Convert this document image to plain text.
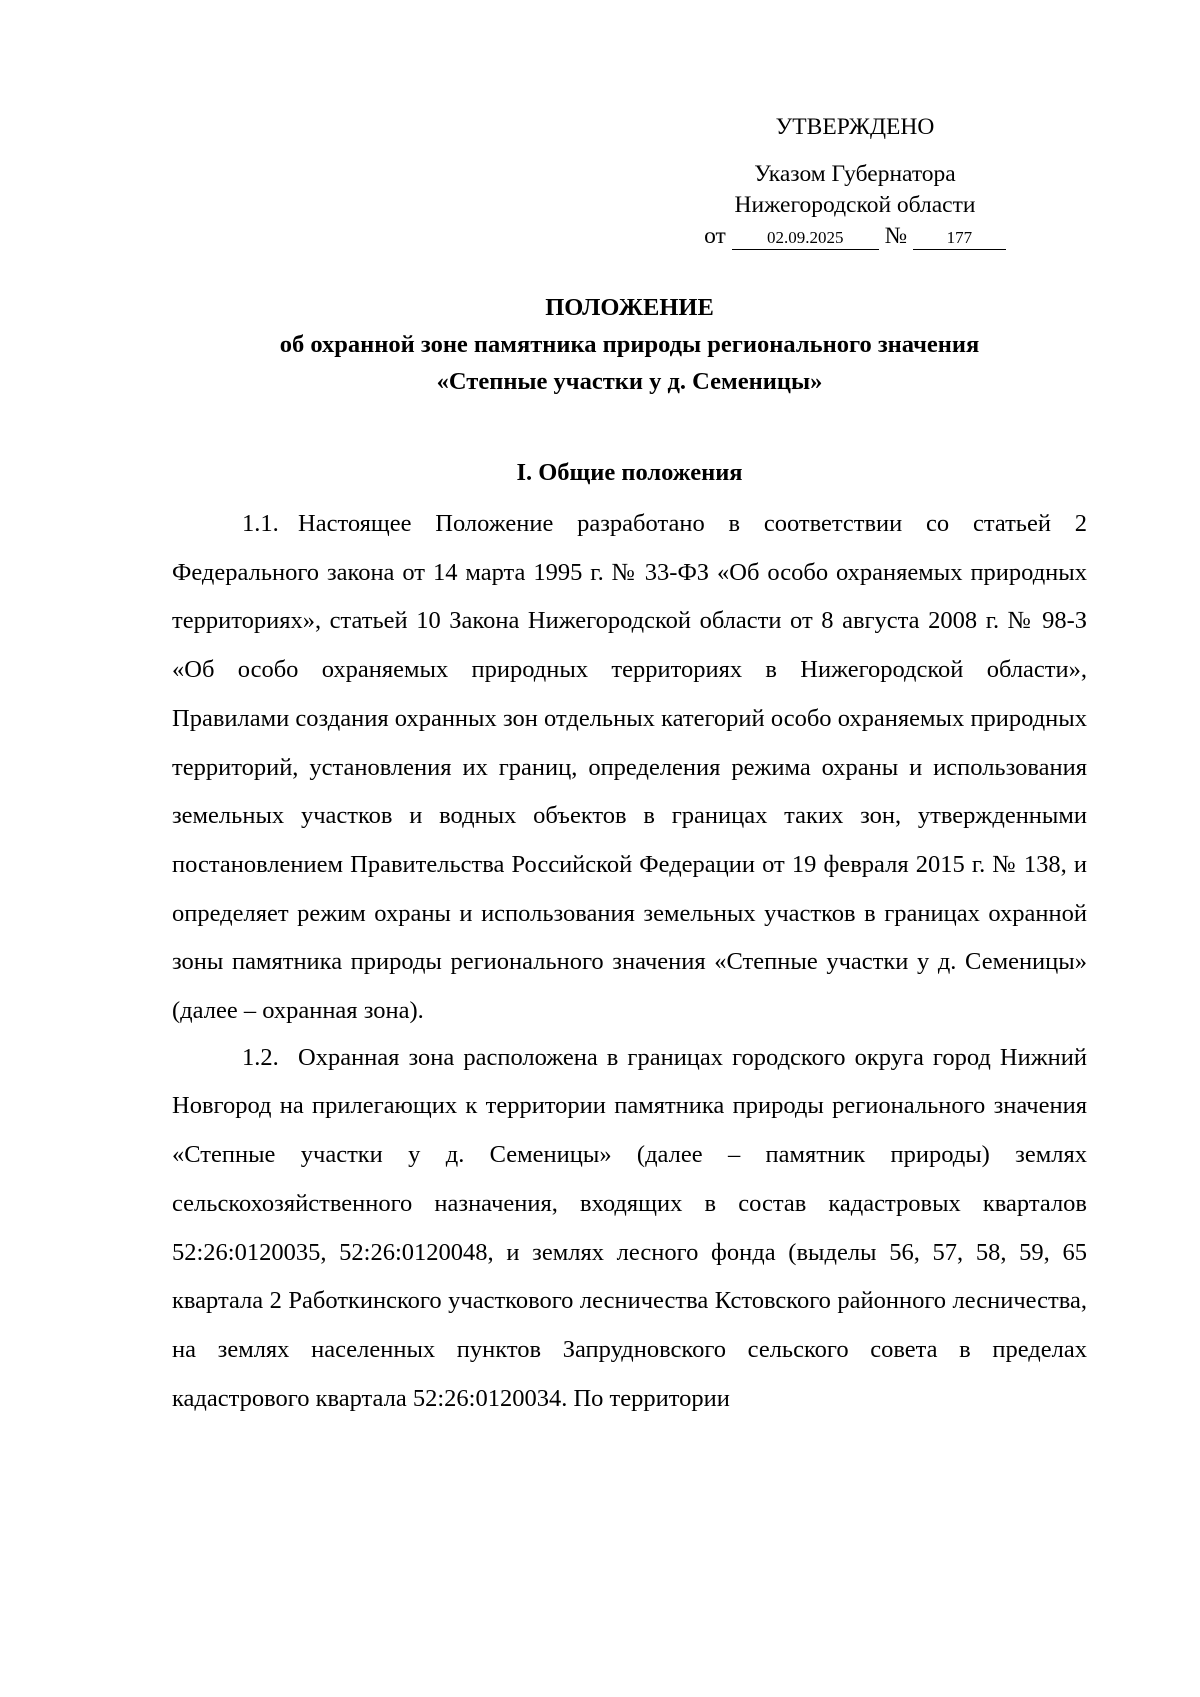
УТВЕРЖДЕНО
Указом Губернатора
Нижегородской области
от 02.09.2025 № 177
ПОЛОЖЕНИЕ
об охранной зоне памятника природы регионального значения
«Степные участки у д. Семеницы»
I. Общие положения

1.1. Настоящее Положение разработано в соответствии со статьей 2 Федерального закона от 14 марта 1995 г. № 33-ФЗ «Об особо охраняемых природных территориях», статьей 10 Закона Нижегородской области от 8 августа 2008 г. № 98-З «Об особо охраняемых природных территориях в Нижегородской области», Правилами создания охранных зон отдельных категорий особо охраняемых природных территорий, установления их границ, определения режима охраны и использования земельных участков и водных объектов в границах таких зон, утвержденными постановлением Правительства Российской Федерации от 19 февраля 2015 г. № 138, и определяет режим охраны и использования земельных участков в границах охранной зоны памятника природы регионального значения «Степные участки у д. Семеницы» (далее – охранная зона).

1.2. Охранная зона расположена в границах городского округа город Нижний Новгород на прилегающих к территории памятника природы регионального значения «Степные участки у д. Семеницы» (далее – памятник природы) землях сельскохозяйственного назначения, входящих в состав кадастровых кварталов 52:26:0120035, 52:26:0120048, и землях лесного фонда (выделы 56, 57, 58, 59, 65 квартала 2 Работкинского участкового лесничества Кстовского районного лесничества, на землях населенных пунктов Запрудновского сельского совета в пределах кадастрового квартала 52:26:0120034. По территории
